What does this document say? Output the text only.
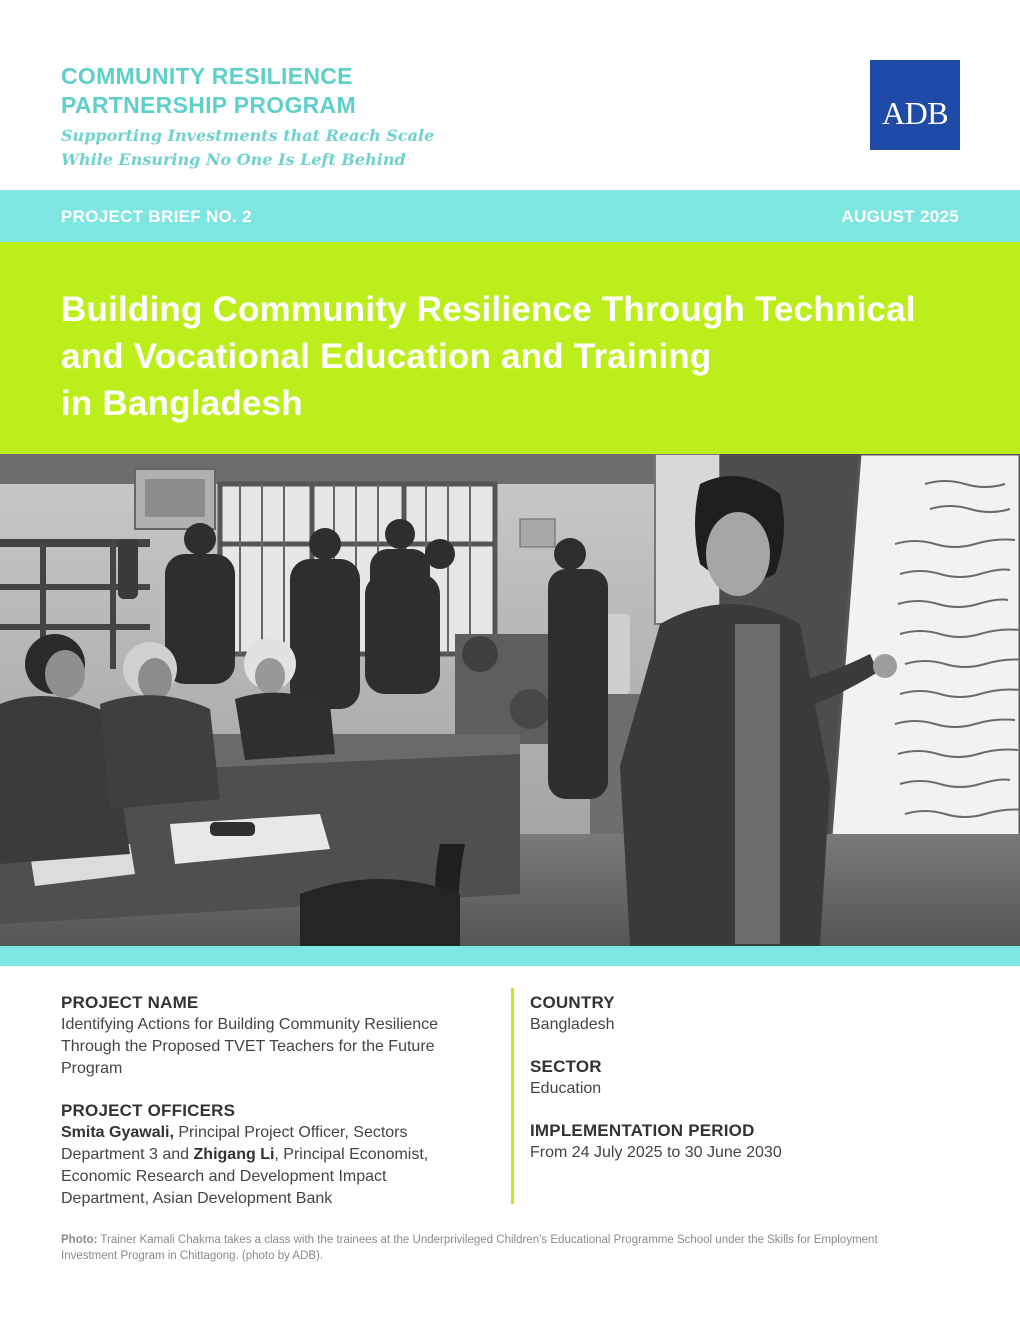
COMMUNITY RESILIENCE
PARTNERSHIP PROGRAM
Supporting Investments that Reach Scale
While Ensuring No One Is Left Behind
ADB
PROJECT BRIEF NO. 2	AUGUST 2025
Building Community Resilience Through Technical
and Vocational Education and Training
in Bangladesh
PROJECT NAME
Identifying Actions for Building Community Resilience
Through the Proposed TVET Teachers for the Future
Program
PROJECT OFFICERS
Smita Gyawali, Principal Project Officer, Sectors
Department 3 and Zhigang Li, Principal Economist,
Economic Research and Development Impact
Department, Asian Development Bank
COUNTRY
Bangladesh
SECTOR
Education
IMPLEMENTATION PERIOD
From 24 July 2025 to 30 June 2030
Photo: Trainer Kamali Chakma takes a class with the trainees at the Underprivileged Children’s Educational Programme School under the Skills for Employment
Investment Program in Chittagong. (photo by ADB).
